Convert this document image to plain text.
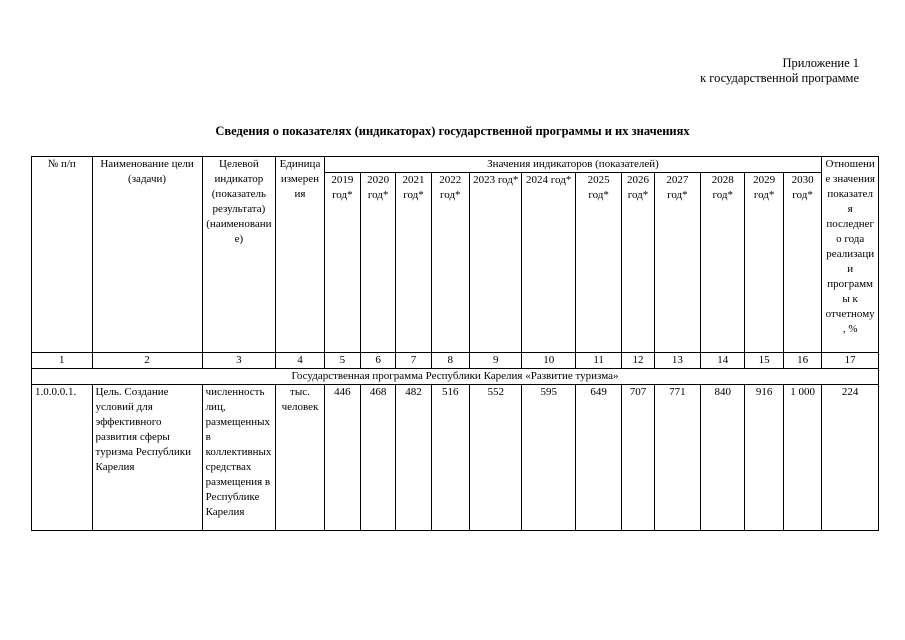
Приложение 1
к государственной программе
Сведения о показателях (индикаторах) государственной программы и их значениях
№ п/п	Наименование цели (задачи)	Целевой индикатор (показатель результата) (наименование)	Единица измерения	Значения индикаторов (показателей)												Отношение значения показателя последнего года реализации программы к отчетному, %
				2019 год*	2020 год*	2021 год*	2022 год*	2023 год*	2024 год*	2025 год*	2026 год*	2027 год*	2028 год*	2029 год*	2030 год*	
1	2	3	4	5	6	7	8	9	10	11	12	13	14	15	16	17
Государственная программа Республики Карелия «Развитие туризма»																
1.0.0.0.1.	Цель. Создание условий для эффективного развития сферы туризма Республики Карелия	численность лиц, размещенных в коллективных средствах размещения в Республике Карелия	тыс. человек	446	468	482	516	552	595	649	707	771	840	916	1 000	224
